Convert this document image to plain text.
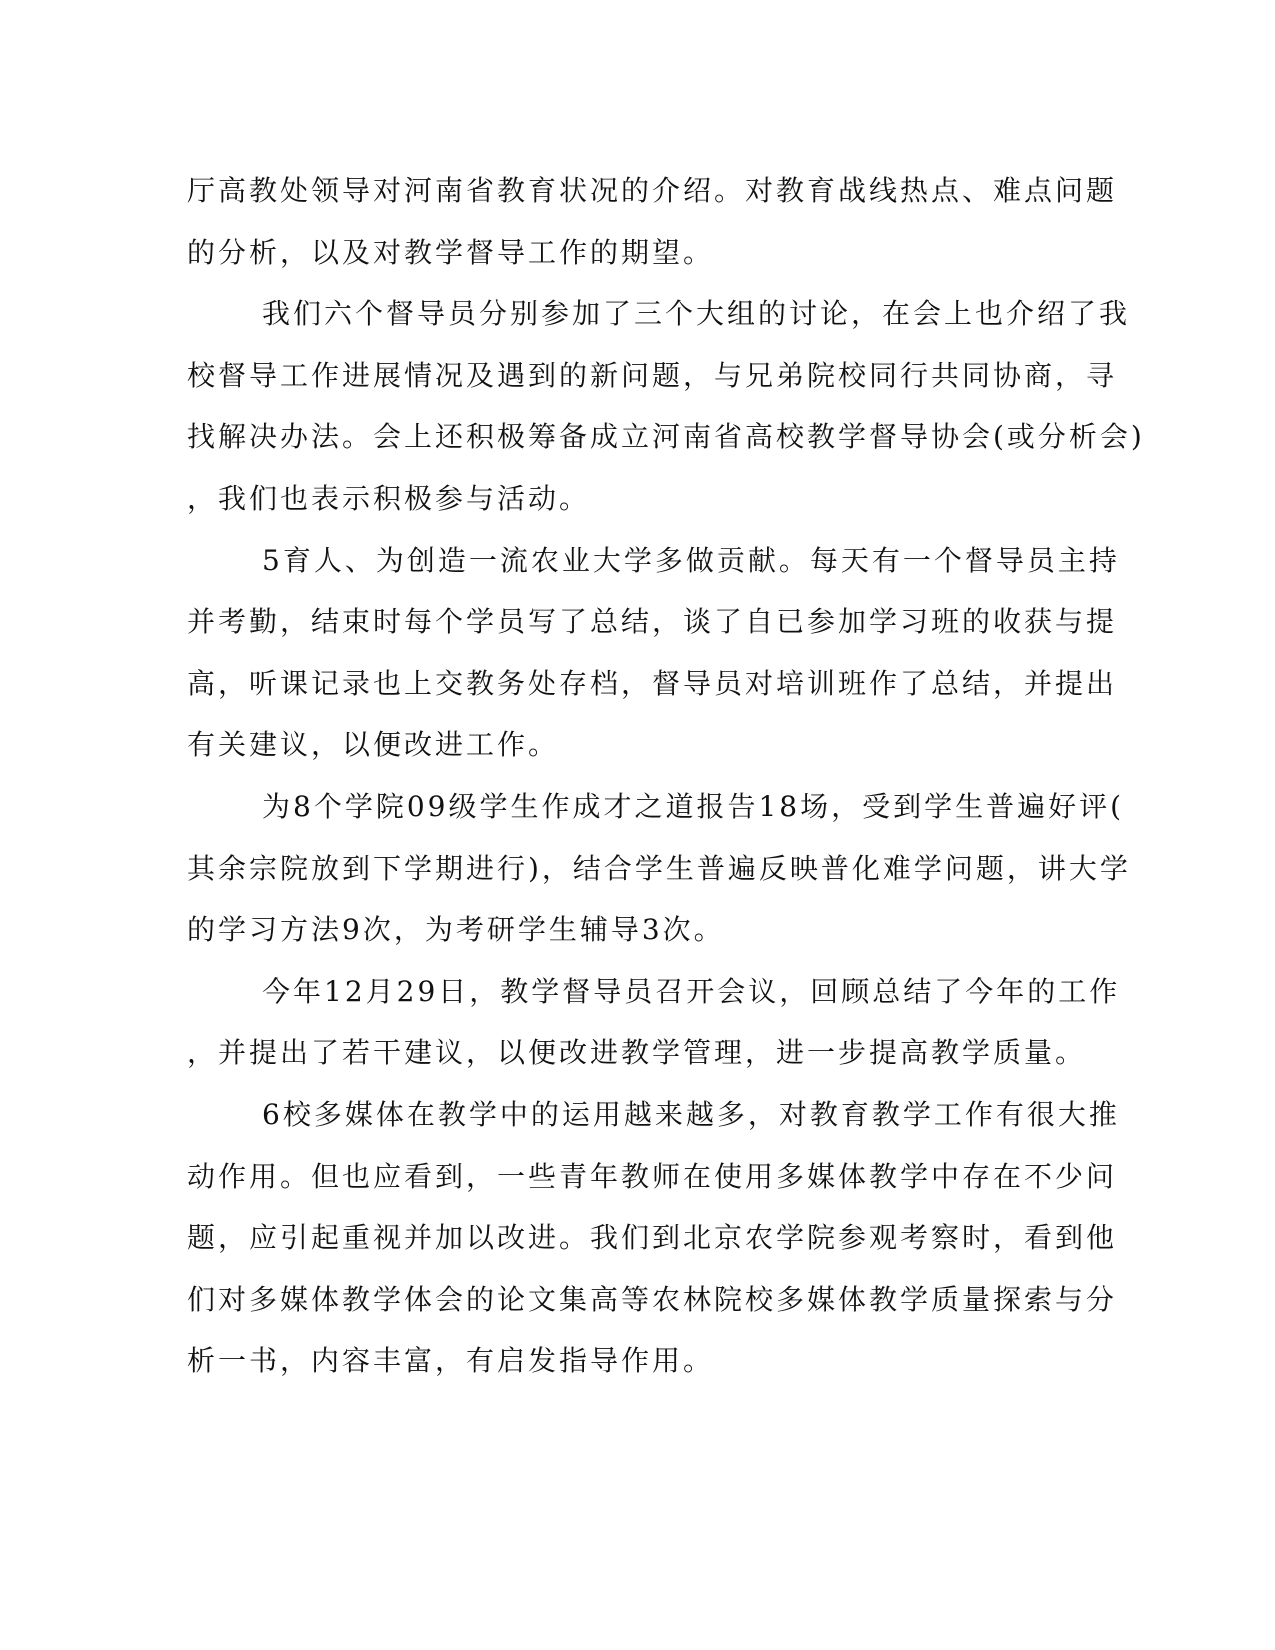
厅高教处领导对河南省教育状况的介绍。对教育战线热点、难点问题
的分析，以及对教学督导工作的期望。
我们六个督导员分别参加了三个大组的讨论，在会上也介绍了我
校督导工作进展情况及遇到的新问题，与兄弟院校同行共同协商，寻
找解决办法。会上还积极筹备成立河南省高校教学督导协会(或分析会)
，我们也表示积极参与活动。
5育人、为创造一流农业大学多做贡献。每天有一个督导员主持
并考勤，结束时每个学员写了总结，谈了自已参加学习班的收获与提
高，听课记录也上交教务处存档，督导员对培训班作了总结，并提出
有关建议，以便改进工作。
为8个学院09级学生作成才之道报告18场，受到学生普遍好评(
其余宗院放到下学期进行)，结合学生普遍反映普化难学问题，讲大学
的学习方法9次，为考研学生辅导3次。
今年12月29日，教学督导员召开会议，回顾总结了今年的工作
，并提出了若干建议，以便改进教学管理，进一步提高教学质量。
6校多媒体在教学中的运用越来越多，对教育教学工作有很大推
动作用。但也应看到，一些青年教师在使用多媒体教学中存在不少问
题，应引起重视并加以改进。我们到北京农学院参观考察时，看到他
们对多媒体教学体会的论文集高等农林院校多媒体教学质量探索与分
析一书，内容丰富，有启发指导作用。
